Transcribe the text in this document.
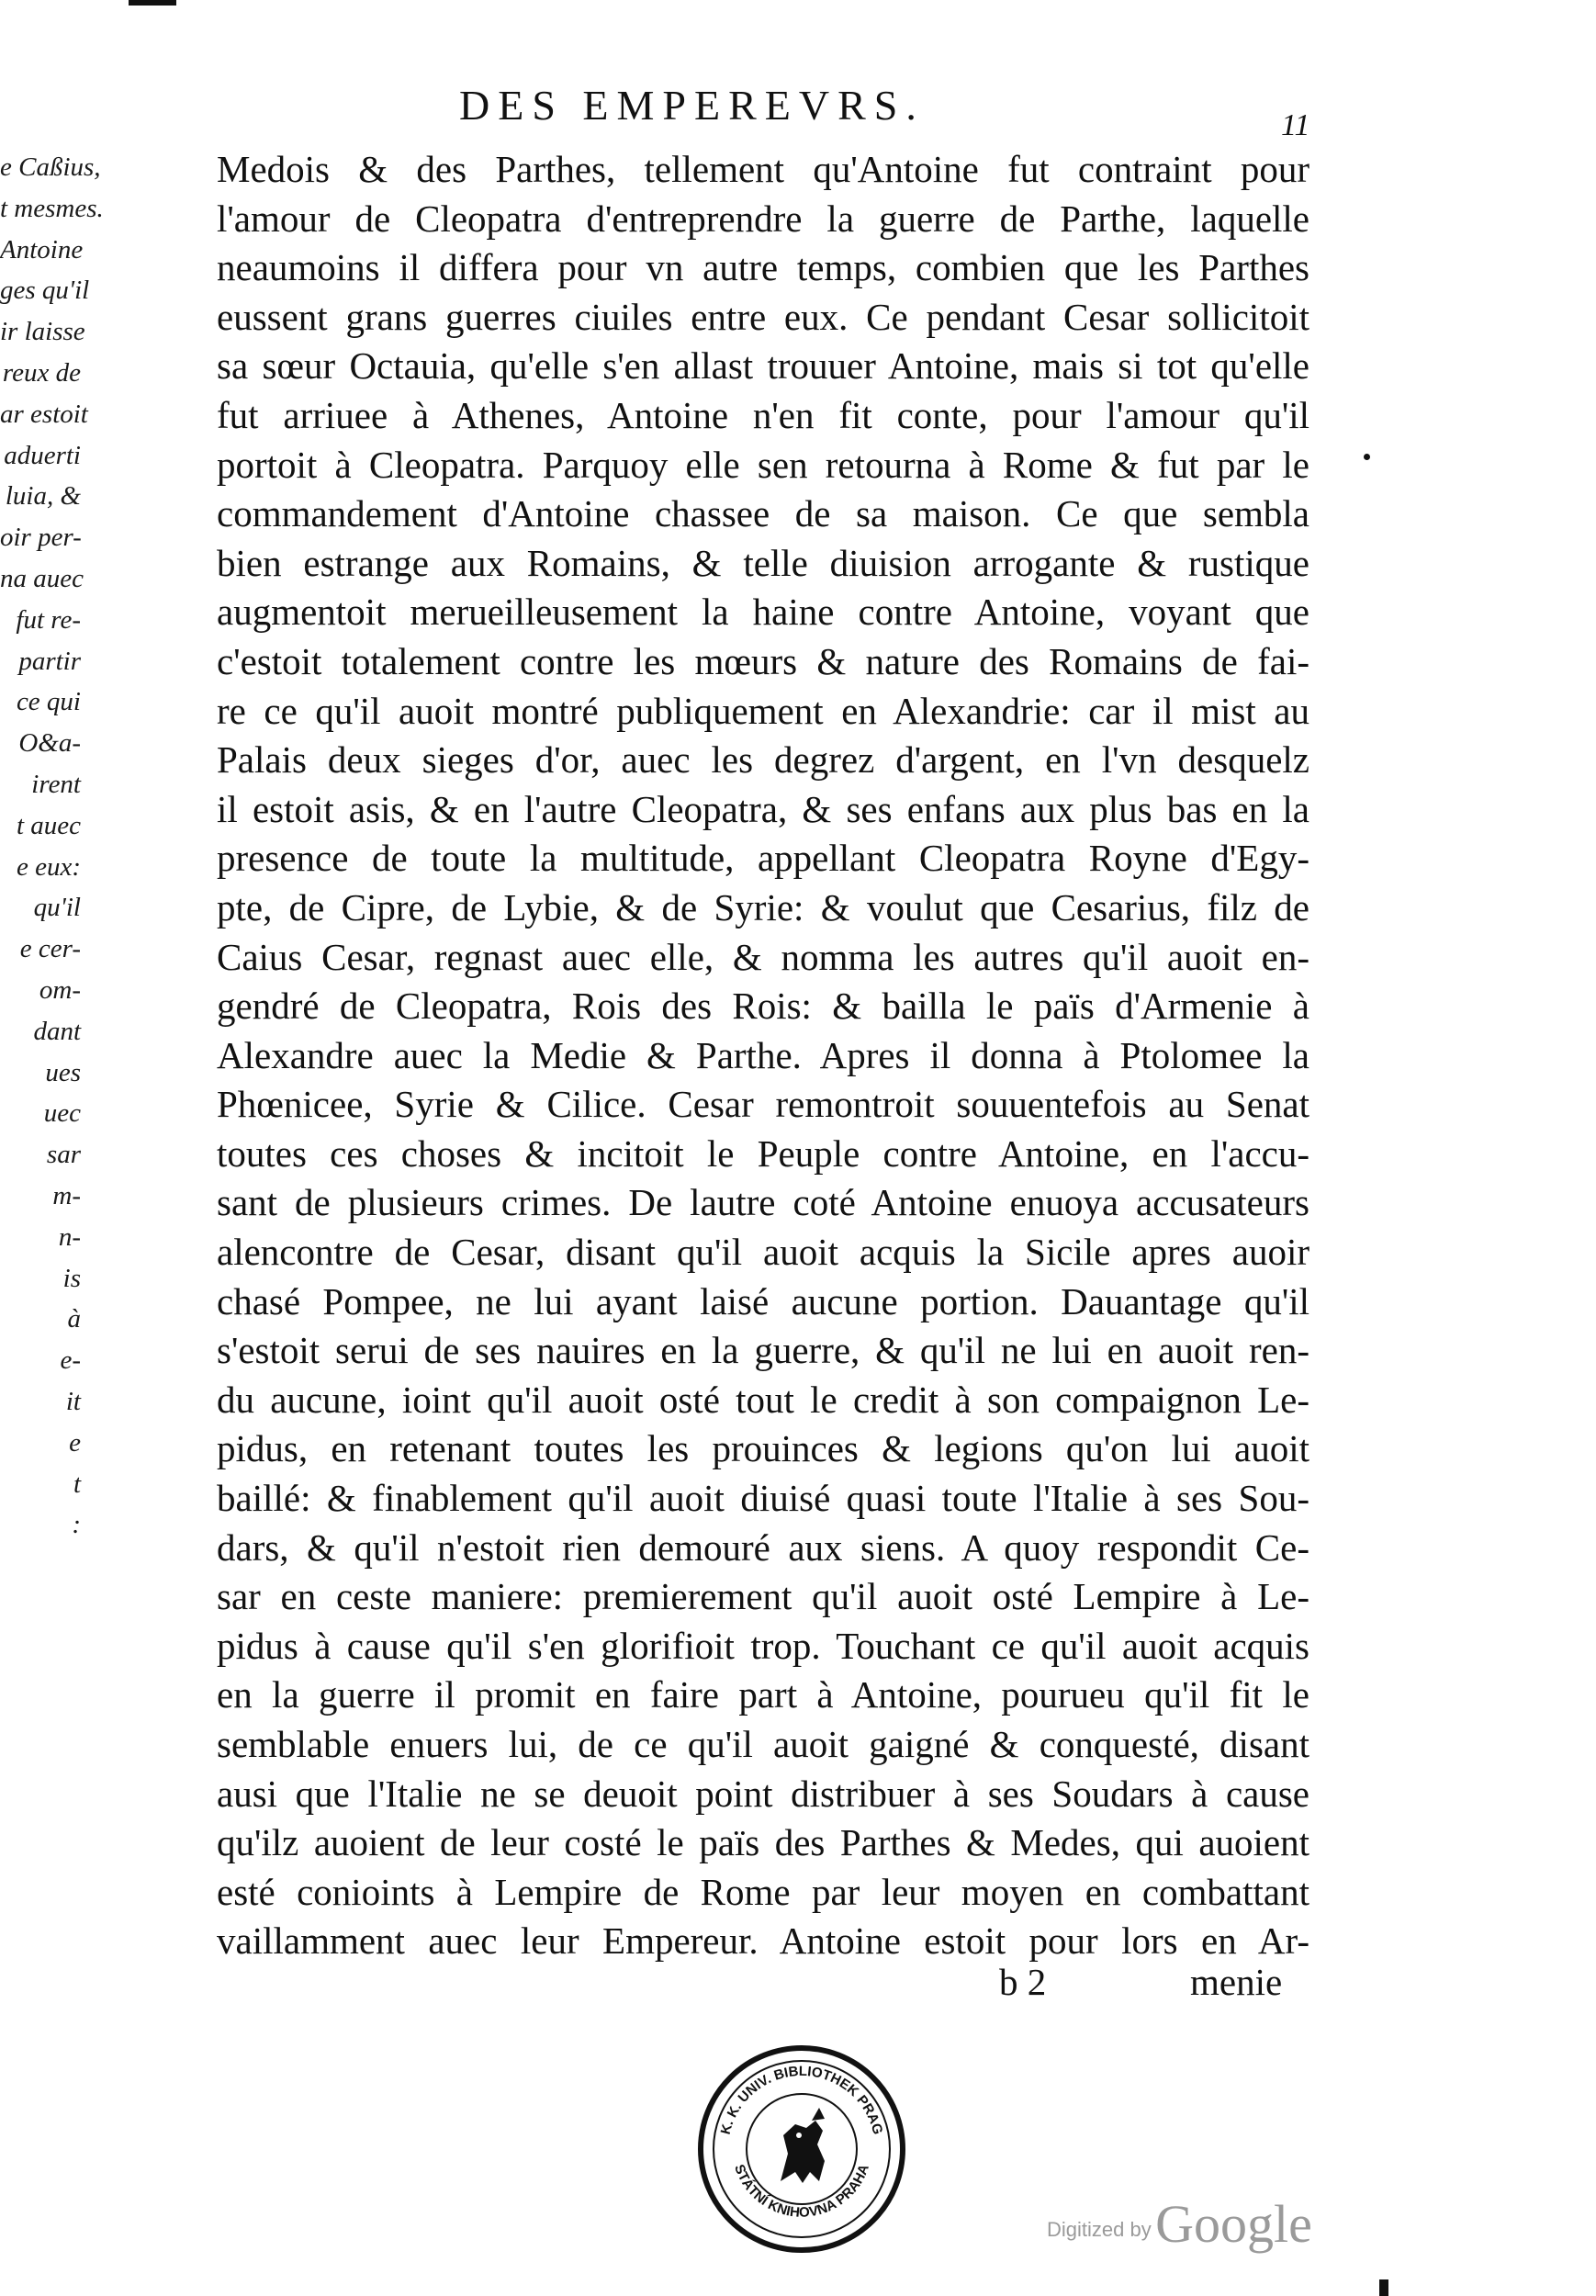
DES EMPEREVRS.	11
e Caßius,
t mesmes.
Antoine
ges qu'il
ir laisse
reux de
ar estoit
aduerti
luia, &
oir per-
na auec
fut re-
partir
ce qui
O&a-
irent
t auec
e eux:
qu'il
e cer-
om-
dant
ues
uec
sar
m-
n-
is
à
e-
it
e
t
:
Medois & des Parthes, tellement qu'Antoine fut contraint pour
l'amour de Cleopatra d'entreprendre la guerre de Parthe, laquelle
neaumoins il differa pour vn autre temps, combien que les Parthes
eussent grans guerres ciuiles entre eux. Ce pendant Cesar sollicitoit
sa sœur Octauia, qu'elle s'en allast trouuer Antoine, mais si tot qu'elle
fut arriuee à Athenes, Antoine n'en fit conte, pour l'amour qu'il
portoit à Cleopatra. Parquoy elle sen retourna à Rome & fut par le
commandement d'Antoine chassee de sa maison. Ce que sembla
bien estrange aux Romains, & telle diuision arrogante & rustique
augmentoit merueilleusement la haine contre Antoine, voyant que
c'estoit totalement contre les mœurs & nature des Romains de fai-
re ce qu'il auoit montré publiquement en Alexandrie: car il mist au
Palais deux sieges d'or, auec les degrez d'argent, en l'vn desquelz
il estoit asis, & en l'autre Cleopatra, & ses enfans aux plus bas en la
presence de toute la multitude, appellant Cleopatra Royne d'Egy-
pte, de Cipre, de Lybie, & de Syrie: & voulut que Cesarius, filz de
Caius Cesar, regnast auec elle, & nomma les autres qu'il auoit en-
gendré de Cleopatra, Rois des Rois: & bailla le païs d'Armenie à
Alexandre auec la Medie & Parthe. Apres il donna à Ptolomee la
Phœnicee, Syrie & Cilice. Cesar remontroit souuentefois au Senat
toutes ces choses & incitoit le Peuple contre Antoine, en l'accu-
sant de plusieurs crimes. De lautre coté Antoine enuoya accusateurs
alencontre de Cesar, disant qu'il auoit acquis la Sicile apres auoir
chasé Pompee, ne lui ayant laisé aucune portion. Dauantage qu'il
s'estoit serui de ses nauires en la guerre, & qu'il ne lui en auoit ren-
du aucune, ioint qu'il auoit osté tout le credit à son compaignon Le-
pidus, en retenant toutes les prouinces & legions qu'on lui auoit
baillé: & finablement qu'il auoit diuisé quasi toute l'Italie à ses Sou-
dars, & qu'il n'estoit rien demouré aux siens. A quoy respondit Ce-
sar en ceste maniere: premierement qu'il auoit osté Lempire à Le-
pidus à cause qu'il s'en glorifioit trop. Touchant ce qu'il auoit acquis
en la guerre il promit en faire part à Antoine, pourueu qu'il fit le
semblable enuers lui, de ce qu'il auoit gaigné & conquesté, disant
ausi que l'Italie ne se deuoit point distribuer à ses Soudars à cause
qu'ilz auoient de leur costé le païs des Parthes & Medes, qui auoient
esté conioints à Lempire de Rome par leur moyen en combattant
vaillamment auec leur Empereur. Antoine estoit pour lors en Ar-
b 2	menie
K. K. UNIV. BIBLIOTHEK PRAG
STÁTNÍ KNIHOVNA PRAHA
Digitized by Google
